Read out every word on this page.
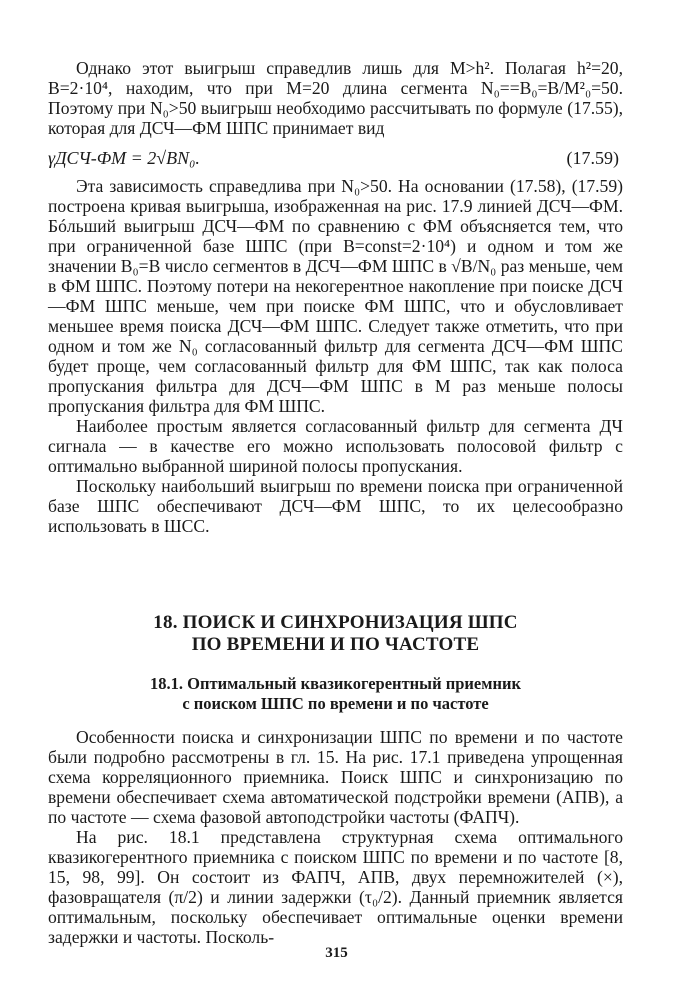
Однако этот выигрыш справедлив лишь для M>h². Полагая h²=20, B=2·10⁴, находим, что при M=20 длина сегмента N₀==B₀=B/M²₀=50. Поэтому при N₀>50 выигрыш необходимо рассчитывать по формуле (17.55), которая для ДСЧ—ФМ ШПС принимает вид

γДСЧ-ФМ = 2√BN₀.	(17.59)

Эта зависимость справедлива при N₀>50. На основании (17.58), (17.59) построена кривая выигрыша, изображенная на рис. 17.9 линией ДСЧ—ФМ. Бóльший выигрыш ДСЧ—ФМ по сравнению с ФМ объясняется тем, что при ограниченной базе ШПС (при B=const=2·10⁴) и одном и том же значении B₀=B число сегментов в ДСЧ—ФМ ШПС в √B/N₀ раз меньше, чем в ФМ ШПС. Поэтому потери на некогерентное накопление при поиске ДСЧ—ФМ ШПС меньше, чем при поиске ФМ ШПС, что и обусловливает меньшее время поиска ДСЧ—ФМ ШПС. Следует также отметить, что при одном и том же N₀ согласованный фильтр для сегмента ДСЧ—ФМ ШПС будет проще, чем согласованный фильтр для ФМ ШПС, так как полоса пропускания фильтра для ДСЧ—ФМ ШПС в M раз меньше полосы пропускания фильтра для ФМ ШПС.

Наиболее простым является согласованный фильтр для сегмента ДЧ сигнала — в качестве его можно использовать полосовой фильтр с оптимально выбранной шириной полосы пропускания.

Поскольку наибольший выигрыш по времени поиска при ограниченной базе ШПС обеспечивают ДСЧ—ФМ ШПС, то их целесообразно использовать в ШСС.

18. ПОИСК И СИНХРОНИЗАЦИЯ ШПС
ПО ВРЕМЕНИ И ПО ЧАСТОТЕ
18.1. Оптимальный квазикогерентный приемник
с поиском ШПС по времени и по частоте

Особенности поиска и синхронизации ШПС по времени и по частоте были подробно рассмотрены в гл. 15. На рис. 17.1 приведена упрощенная схема корреляционного приемника. Поиск ШПС и синхронизацию по времени обеспечивает схема автоматической подстройки времени (АПВ), а по частоте — схема фазовой автоподстройки частоты (ФАПЧ).

На рис. 18.1 представлена структурная схема оптимального квазикогерентного приемника с поиском ШПС по времени и по частоте [8, 15, 98, 99]. Он состоит из ФАПЧ, АПВ, двух перемножителей (×), фазовращателя (π/2) и линии задержки (τ₀/2). Данный приемник является оптимальным, поскольку обеспечивает оптимальные оценки времени задержки и частоты. Посколь-

315
